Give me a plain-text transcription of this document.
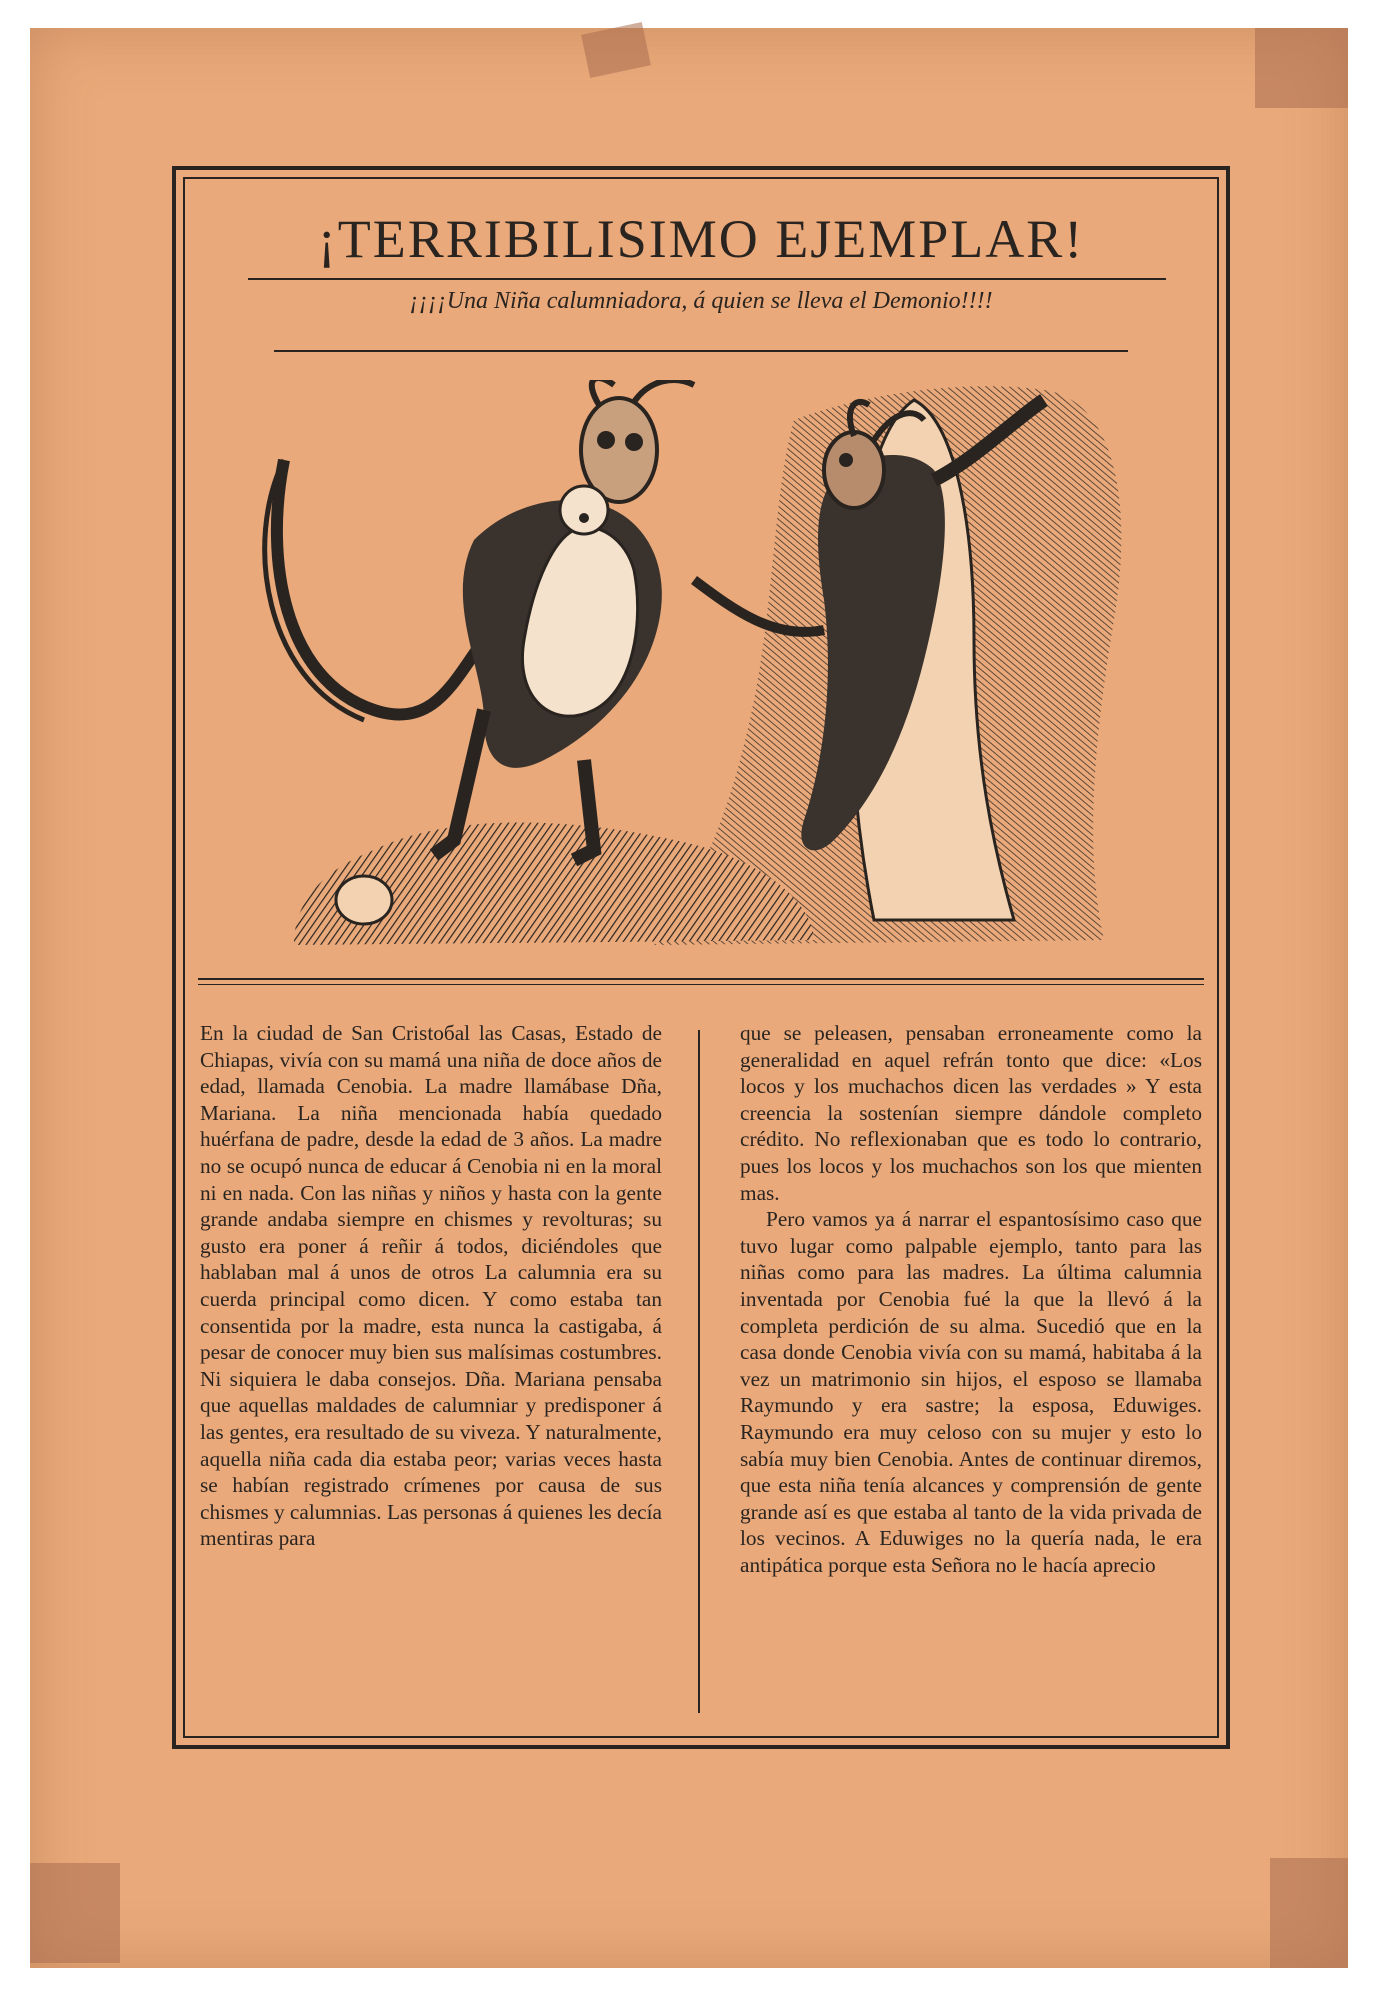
¡TERRIBILISIMO EJEMPLAR!
¡¡¡¡Una Niña calumniadora, á quien se lleva el Demonio!!!!

En la ciudad de San Cristoбal las Casas, Estado de Chiapas, vivía con su mamá una niña de doce años de edad, llamada Cenobia. La madre llamábase Dña, Mariana. La niña mencionada había quedado huérfana de padre, desde la edad de 3 años. La madre no se ocupó nunca de educar á Cenobia ni en la moral ni en nada. Con las niñas y niños y hasta con la gente grande andaba siempre en chismes y revolturas; su gusto era poner á reñir á todos, diciéndoles que hablaban mal á unos de otros La calumnia era su cuerda principal como dicen. Y como estaba tan consentida por la madre, esta nunca la castigaba, á pesar de conocer muy bien sus malísimas costumbres. Ni siquiera le daba consejos. Dña. Mariana pensaba que aquellas maldades de calumniar y predisponer á las gentes, era resultado de su viveza. Y naturalmente, aquella niña cada dia estaba peor; varias veces hasta se habían registrado crímenes por causa de sus chismes y calumnias. Las personas á quienes les decía mentiras para

que se peleasen, pensaban erroneamente como la generalidad en aquel refrán tonto que dice: «Los locos y los muchachos dicen las verdades » Y esta creencia la sostenían siempre dándole completo crédito. No reflexionaban que es todo lo contrario, pues los locos y los muchachos son los que mienten mas.

Pero vamos ya á narrar el espantosísimo caso que tuvo lugar como palpable ejemplo, tanto para las niñas como para las madres. La última calumnia inventada por Cenobia fué la que la llevó á la completa perdición de su alma. Sucedió que en la casa donde Cenobia vivía con su mamá, habitaba á la vez un matrimonio sin hijos, el esposo se llamaba Raymundo y era sastre; la esposa, Eduwiges. Raymundo era muy celoso con su mujer y esto lo sabía muy bien Cenobia. Antes de continuar diremos, que esta niña tenía alcances y comprensión de gente grande así es que estaba al tanto de la vida privada de los vecinos. A Eduwiges no la quería nada, le era antipática porque esta Señora no le hacía aprecio
